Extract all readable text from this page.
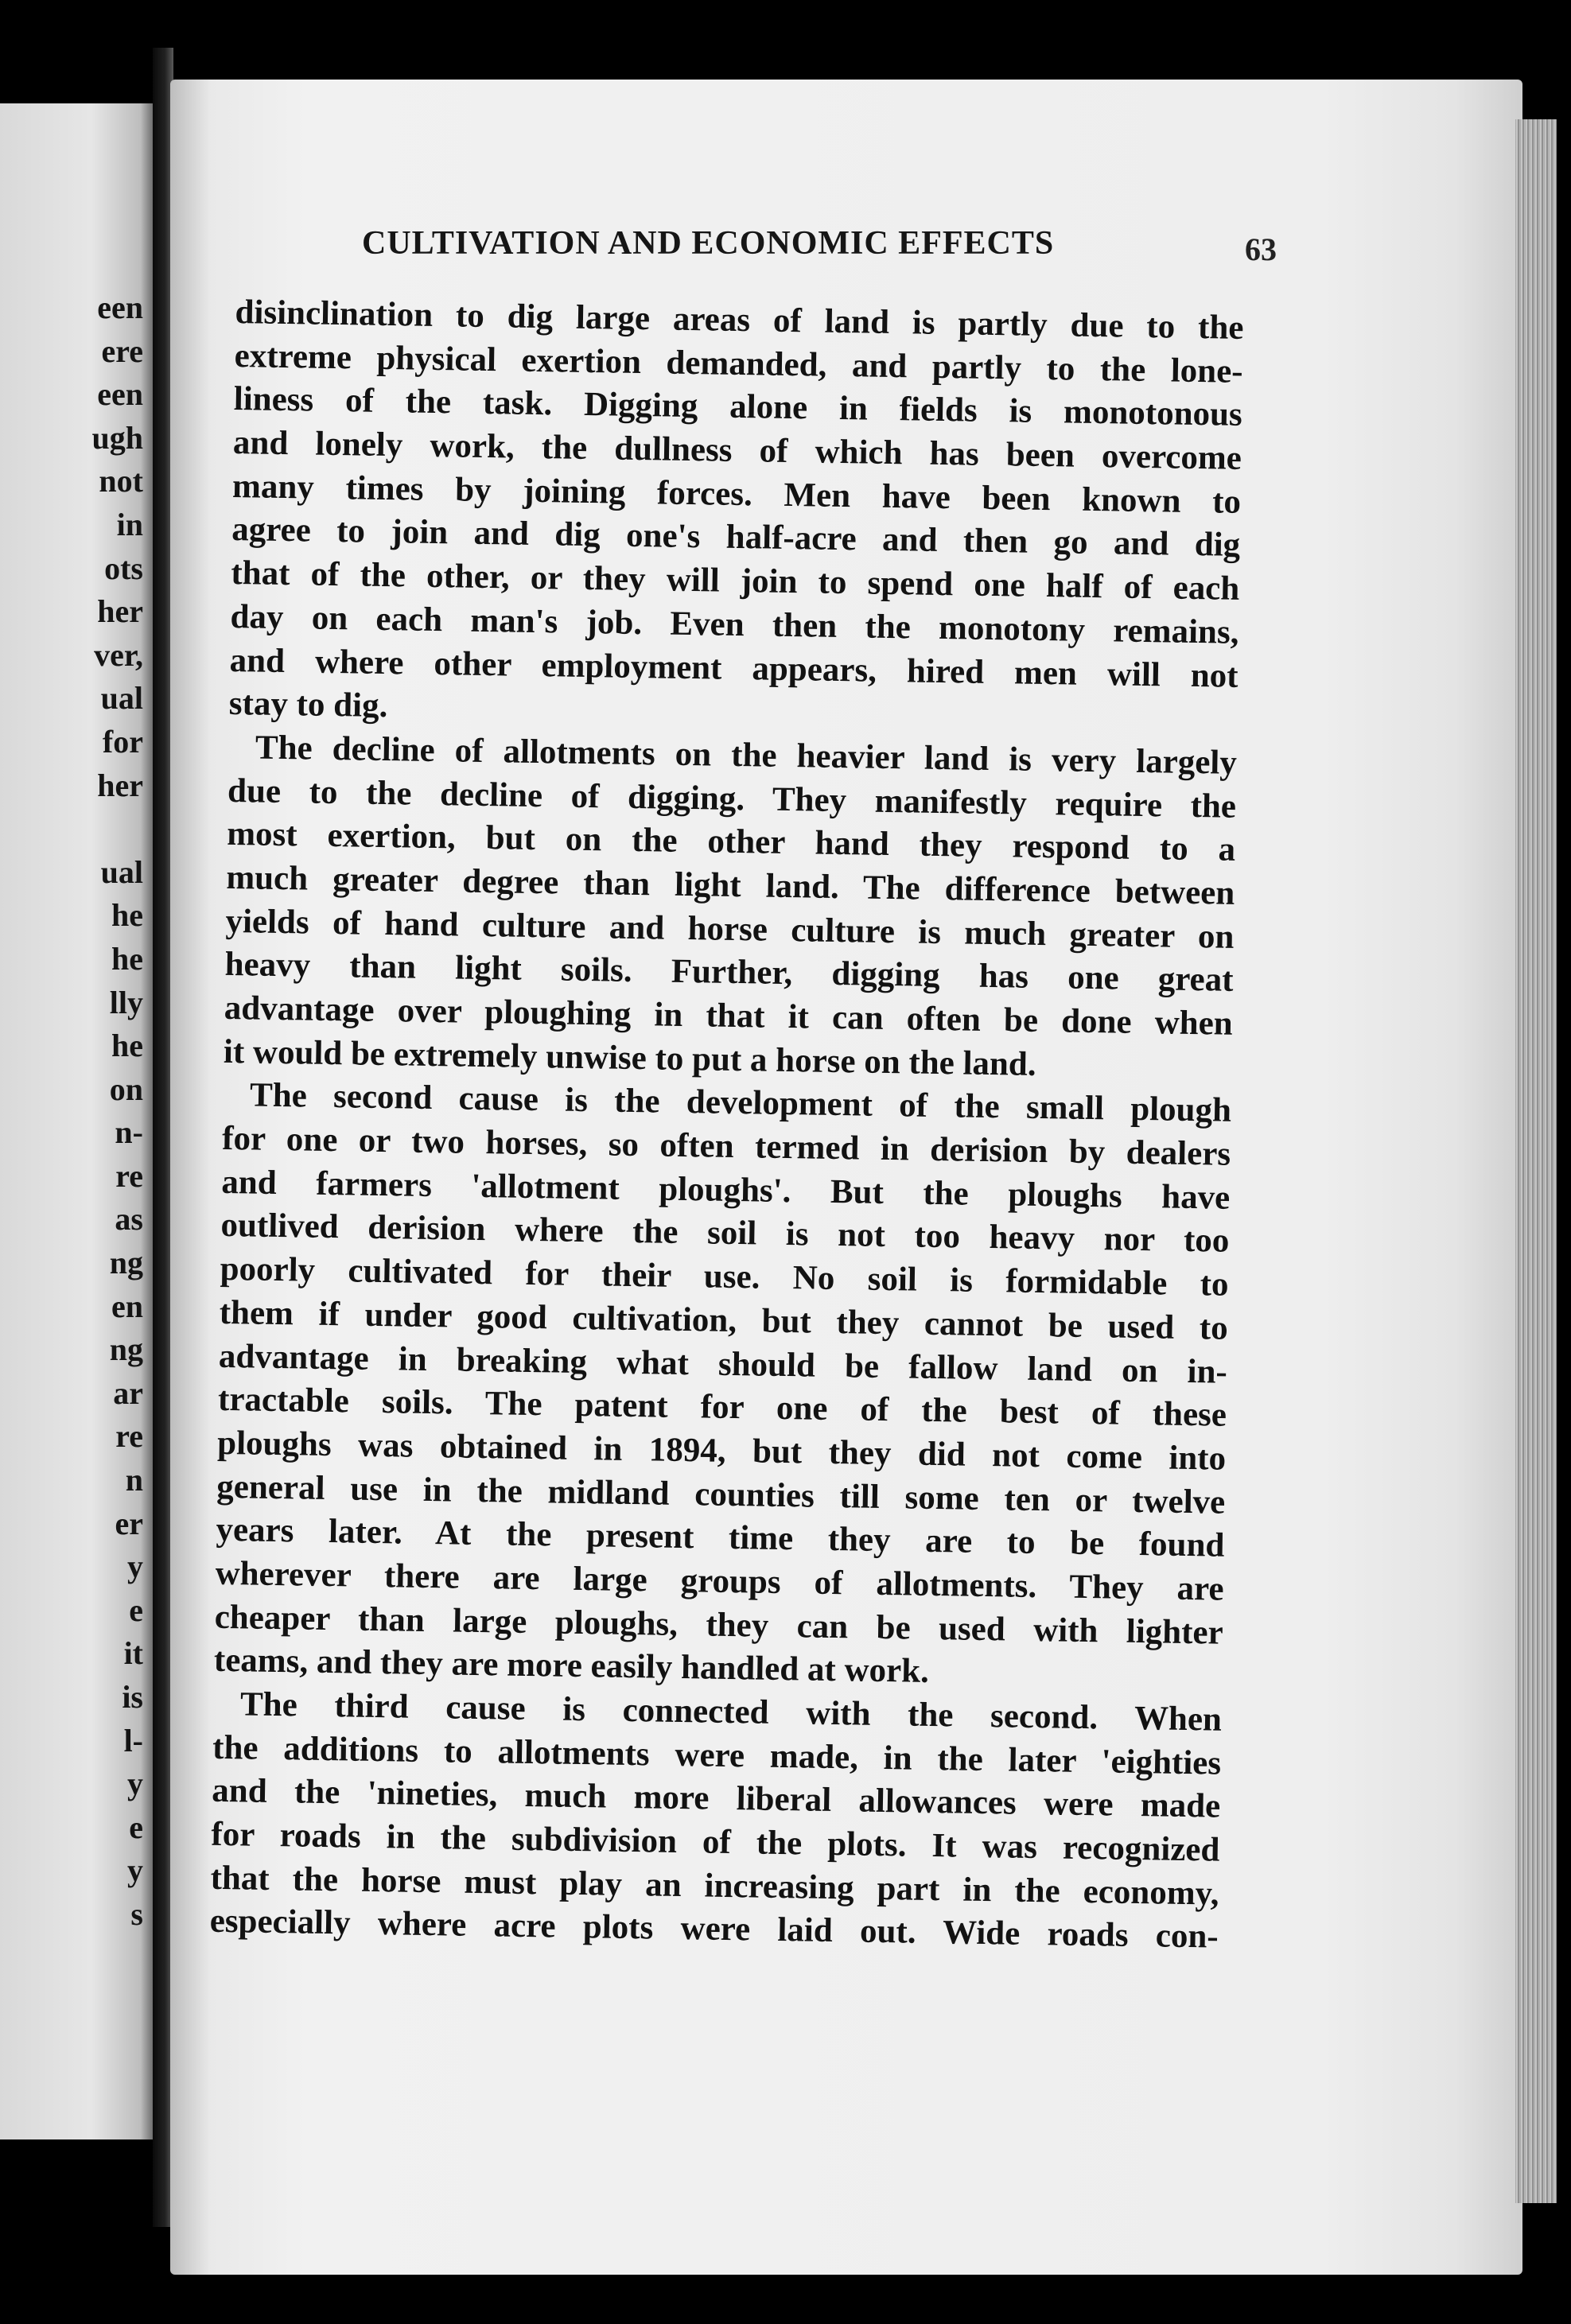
een
ere
een
ugh
not
in
ots
her
ver,
ual
for
her
ual
he
he
lly
he
on
n-
re
as
ng
en
ng
ar
re
n
er
y
e
it
is
l-
y
e
y
s
CULTIVATION AND ECONOMIC EFFECTS	63
disinclination to dig large areas of land is partly due to the
extreme physical exertion demanded, and partly to the lone-
liness of the task. Digging alone in fields is monotonous
and lonely work, the dullness of which has been overcome
many times by joining forces. Men have been known to
agree to join and dig one's half-acre and then go and dig
that of the other, or they will join to spend one half of each
day on each man's job. Even then the monotony remains,
and where other employment appears, hired men will not
stay to dig.
The decline of allotments on the heavier land is very largely
due to the decline of digging. They manifestly require the
most exertion, but on the other hand they respond to a
much greater degree than light land. The difference between
yields of hand culture and horse culture is much greater on
heavy than light soils. Further, digging has one great
advantage over ploughing in that it can often be done when
it would be extremely unwise to put a horse on the land.
The second cause is the development of the small plough
for one or two horses, so often termed in derision by dealers
and farmers 'allotment ploughs'. But the ploughs have
outlived derision where the soil is not too heavy nor too
poorly cultivated for their use. No soil is formidable to
them if under good cultivation, but they cannot be used to
advantage in breaking what should be fallow land on in-
tractable soils. The patent for one of the best of these
ploughs was obtained in 1894, but they did not come into
general use in the midland counties till some ten or twelve
years later. At the present time they are to be found
wherever there are large groups of allotments. They are
cheaper than large ploughs, they can be used with lighter
teams, and they are more easily handled at work.
The third cause is connected with the second. When
the additions to allotments were made, in the later 'eighties
and the 'nineties, much more liberal allowances were made
for roads in the subdivision of the plots. It was recognized
that the horse must play an increasing part in the economy,
especially where acre plots were laid out. Wide roads con-
